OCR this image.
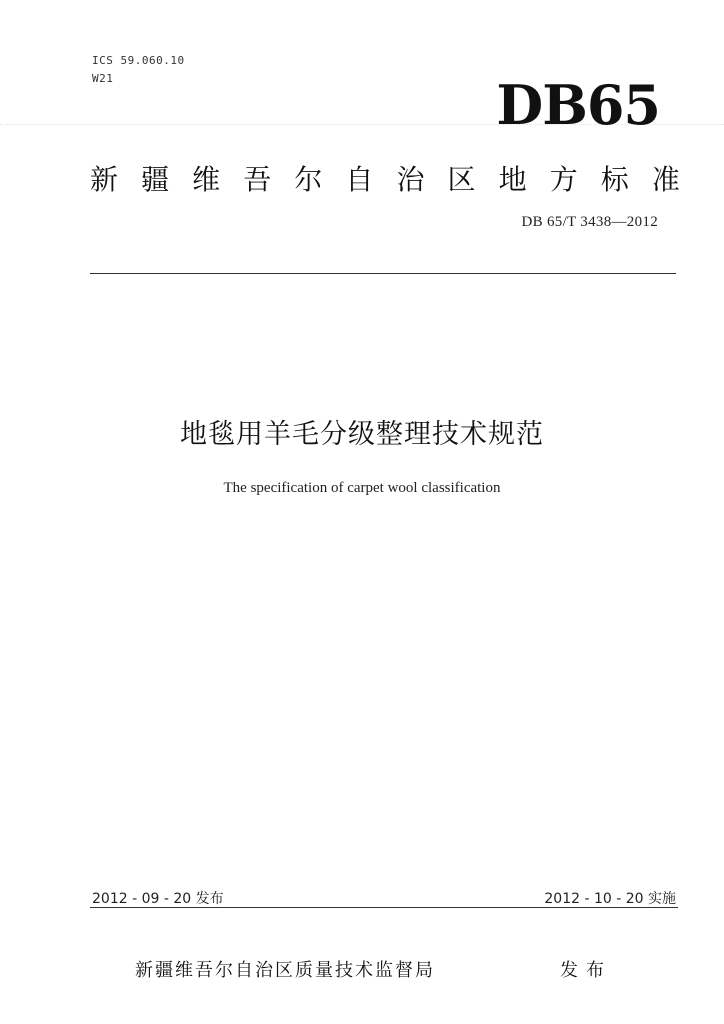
ICS 59.060.10
W21	DB65
新 疆 维 吾 尔 自 治 区 地 方 标 准
DB 65/T 3438—2012
地毯用羊毛分级整理技术规范
The specification of carpet wool classification
2012 - 09 - 20 发布	2012 - 10 - 20 实施
新疆维吾尔自治区质量技术监督局	发布
